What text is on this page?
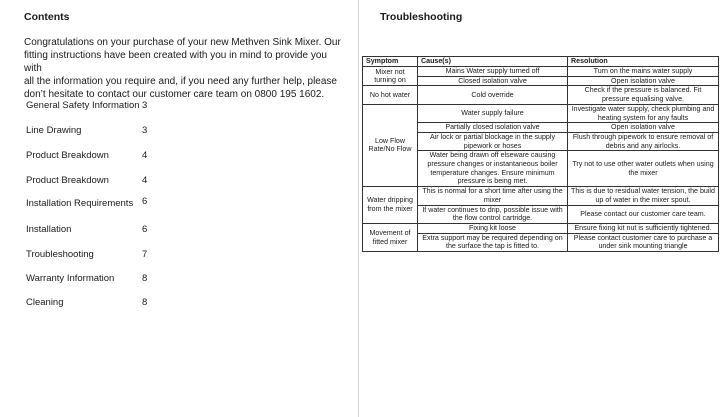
Contents
Congratulations on your purchase of your new Methven Sink Mixer. Our
fitting instructions have been created with you in mind to provide you with
all the information you require and, if you need any further help, please
don’t hesitate to contact our customer care team on 0800 195 1602.
General Safety Information 3
Line Drawing	3
Product Breakdown	4
Product Breakdown	4
Installation Requirements 6
Installation	6
Troubleshooting	7
Warranty Information	8
Cleaning	8
Troubleshooting
Symptom	Cause(s)	Resolution
Mixer not turning on	Mains Water supply turned off	Turn on the mains water supply
	Closed isolation valve	Open isolation valve
No hot water	Cold override	Check if the pressure is balanced. Fit pressure equalising valve.
Low Flow Rate/No Flow	Water supply failure	Investigate water supply, check plumbing and heating system for any faults
	Partially closed isolation valve	Open isolation valve
	Air lock or partial blockage in the supply pipework or hoses	Flush through pipework to ensure removal of debris and any airlocks.
	Water being drawn off elseware causing pressure changes or instantaneous boiler temperature changes. Ensure minimum pressure is being met.	Try not to use other water outlets when using the mixer
Water dripping from the mixer	This is normal for a short time after using the mixer	This is due to residual water tension, the build up of water in the mixer spout.
	If water continues to drip, possible issue with the flow control cartridge.	Please contact our customer care team.
Movement of fitted mixer	Fixing kit loose	Ensure fixing kit nut is sufficiently tightened.
	Extra support may be required depending on the surface the tap is fitted to.	Please contact customer care to purchase a under sink mounting triangle
